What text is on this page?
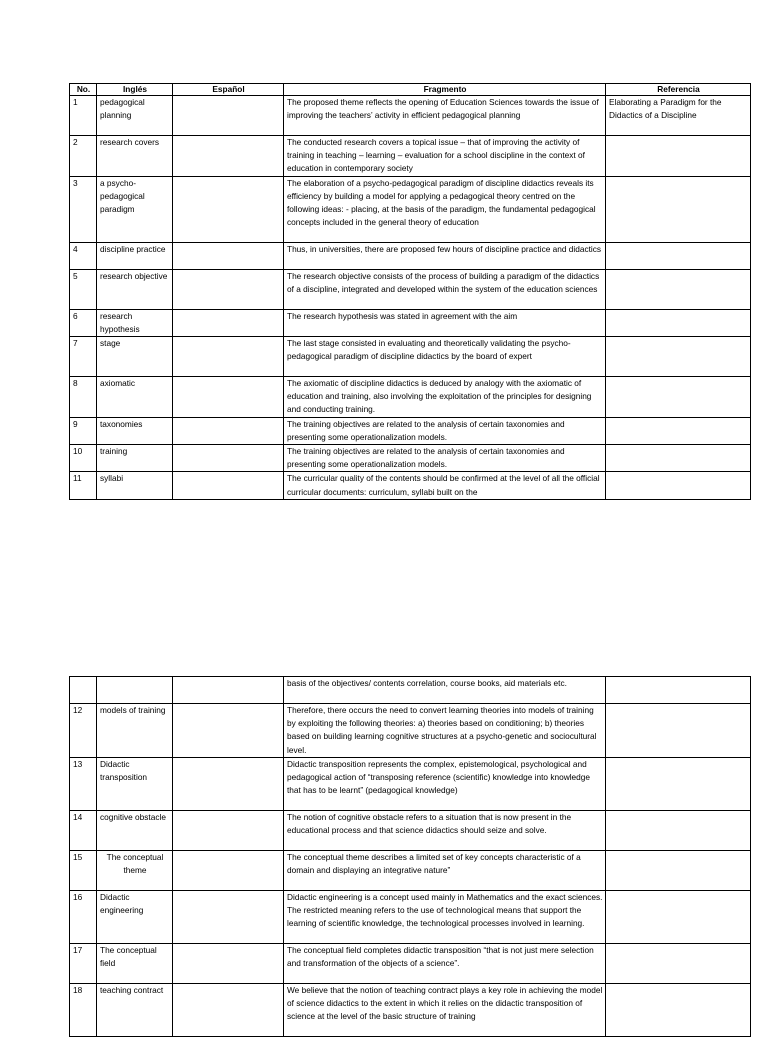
No.	Inglés	Español	Fragmento	Referencia
1	pedagogical planning		The proposed theme reflects the opening of Education Sciences towards the issue of improving the teachers’ activity in efficient pedagogical planning	Elaborating a Paradigm for the Didactics of a Discipline
2	research covers		The conducted research covers a topical issue – that of improving the activity of training in teaching – learning – evaluation for a school discipline in the context of education in contemporary society	
3	a psycho-pedagogical paradigm		The elaboration of a psycho-pedagogical paradigm of discipline didactics reveals its efficiency by building a model for applying a pedagogical theory centred on the following ideas: - placing, at the basis of the paradigm, the fundamental pedagogical concepts included in the general theory of education	
4	discipline practice		Thus, in universities, there are proposed few hours of discipline practice and didactics	
5	research objective		The research objective consists of the process of building a paradigm of the didactics of a discipline, integrated and developed within the system of the education sciences	
6	research hypothesis		The research hypothesis was stated in agreement with the aim	
7	stage		The last stage consisted in evaluating and theoretically validating the psycho-pedagogical paradigm of discipline didactics by the board of expert	
8	axiomatic		The axiomatic of discipline didactics is deduced by analogy with the axiomatic of education and training, also involving the exploitation of the principles for designing and conducting training.	
9	taxonomies		The training objectives are related to the analysis of certain taxonomies and presenting some operationalization models.	
10	training		The training objectives are related to the analysis of certain taxonomies and presenting some operationalization models.	
11	syllabi		The curricular quality of the contents should be confirmed at the level of all the official curricular documents: curriculum, syllabi built on the	
			basis of the objectives/ contents correlation, course books, aid materials etc.	
12	models of training		Therefore, there occurs the need to convert learning theories into models of training by exploiting the following theories: a) theories based on conditioning; b) theories based on building learning cognitive structures at a psycho-genetic and sociocultural level.	
13	Didactic transposition		Didactic transposition represents the complex, epistemological, psychological and pedagogical action of “transposing reference (scientific) knowledge into knowledge that has to be learnt” (pedagogical knowledge)	
14	cognitive obstacle		The notion of cognitive obstacle refers to a situation that is now present in the educational process and that science didactics should seize and solve.	
15	The conceptual theme		The conceptual theme describes a limited set of key concepts characteristic of a domain and displaying an integrative nature”	
16	Didactic engineering		Didactic engineering is a concept used mainly in Mathematics and the exact sciences. The restricted meaning refers to the use of technological means that support the learning of scientific knowledge, the technological processes involved in learning.	
17	The conceptual field		The conceptual field completes didactic transposition “that is not just mere selection and transformation of the objects of a science”.	
18	teaching contract		We believe that the notion of teaching contract plays a key role in achieving the model of science didactics to the extent in which it relies on the didactic transposition of science at the level of the basic structure of training	
